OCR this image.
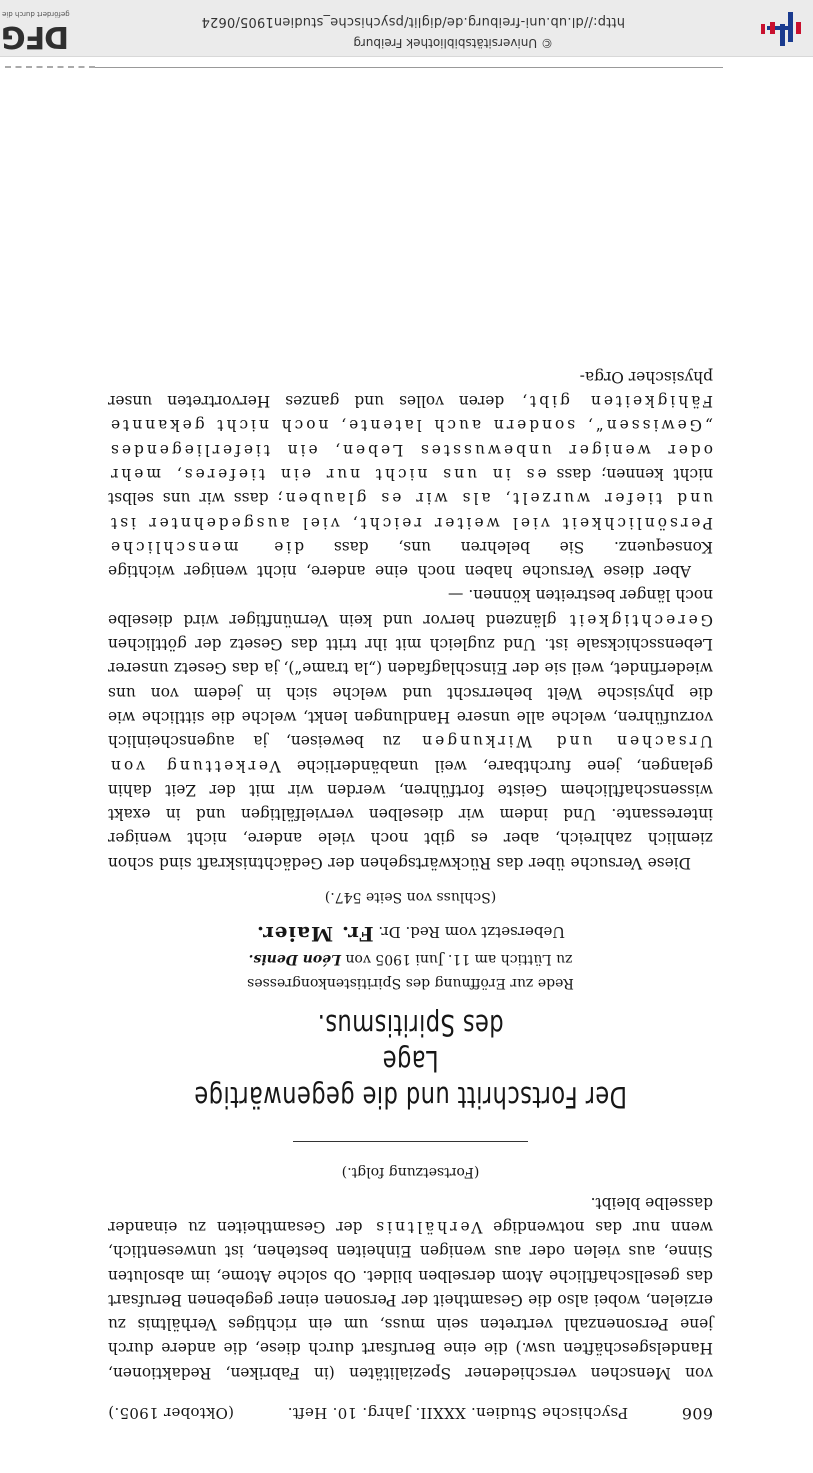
606
Psychische Studien. XXXII. Jahrg. 10. Heft.
(Oktober 1905.)

von Menschen verschiedener Spezialitäten (in Fabriken, Redaktionen, Handelsgeschäften usw.) die eine Berufsart durch diese, die andere durch jene Personenzahl vertreten sein muss, um ein richtiges Verhältnis zu erzielen, wobei also die Gesamtheit der Personen einer gegebenen Berufsart das gesellschaftliche Atom derselben bildet. Ob solche Atome, im absoluten Sinne, aus vielen oder aus wenigen Einheiten bestehen, ist unwesentlich, wenn nur das notwendige Verhältnis der Gesamtheiten zu einander dasselbe bleibt.

(Fortsetzung folgt.)
Der Fortschritt und die gegenwärtige Lage
des Spiritismus.
Rede zur Eröffnung des Spiritistenkongresses
zu Lüttich am 11. Juni 1905 von Léon Denis.
Uebersetzt vom Red. Dr. Fr. Maier.
(Schluss von Seite 547.)

Diese Versuche über das Rückwärtsgehen der Gedächtniskraft sind schon ziemlich zahlreich, aber es gibt noch viele andere, nicht weniger interessante. Und indem wir dieselben vervielfältigen und in exakt wissenschaftlichem Geiste fortführen, werden wir mit der Zeit dahin gelangen, jene furchtbare, weil unabänderliche Verkettung von Ursachen und Wirkungen zu beweisen, ja augenscheinlich vorzuführen, welche alle unsere Handlungen lenkt, welche die sittliche wie die physische Welt beherrscht und welche sich in jedem von uns wiederfindet, weil sie der Einschlagfaden („la trame“), ja das Gesetz unserer Lebensschicksale ist. Und zugleich mit ihr tritt das Gesetz der göttlichen Gerechtigkeit glänzend hervor und kein Vernünftiger wird dieselbe noch länger bestreiten können. —

Aber diese Versuche haben noch eine andere, nicht weniger wichtige Konsequenz. Sie belehren uns, dass die menschliche Persönlichkeit viel weiter reicht, viel ausgedehnter ist und tiefer wurzelt, als wir es glauben; dass wir uns selbst nicht kennen; dass es in uns nicht nur ein tieferes, mehr oder weniger unbewusstes Leben, ein tieferliegendes „Gewissen“, sondern auch latente, noch nicht gekannte Fähigkeiten gibt, deren volles und ganzes Hervortreten unser physischer Orga-

© Universitätsbibliothek Freiburg
http://dl.ub.uni-freiburg.de/diglit/psychische_studien1905/0624
DFG
gefördert durch die
